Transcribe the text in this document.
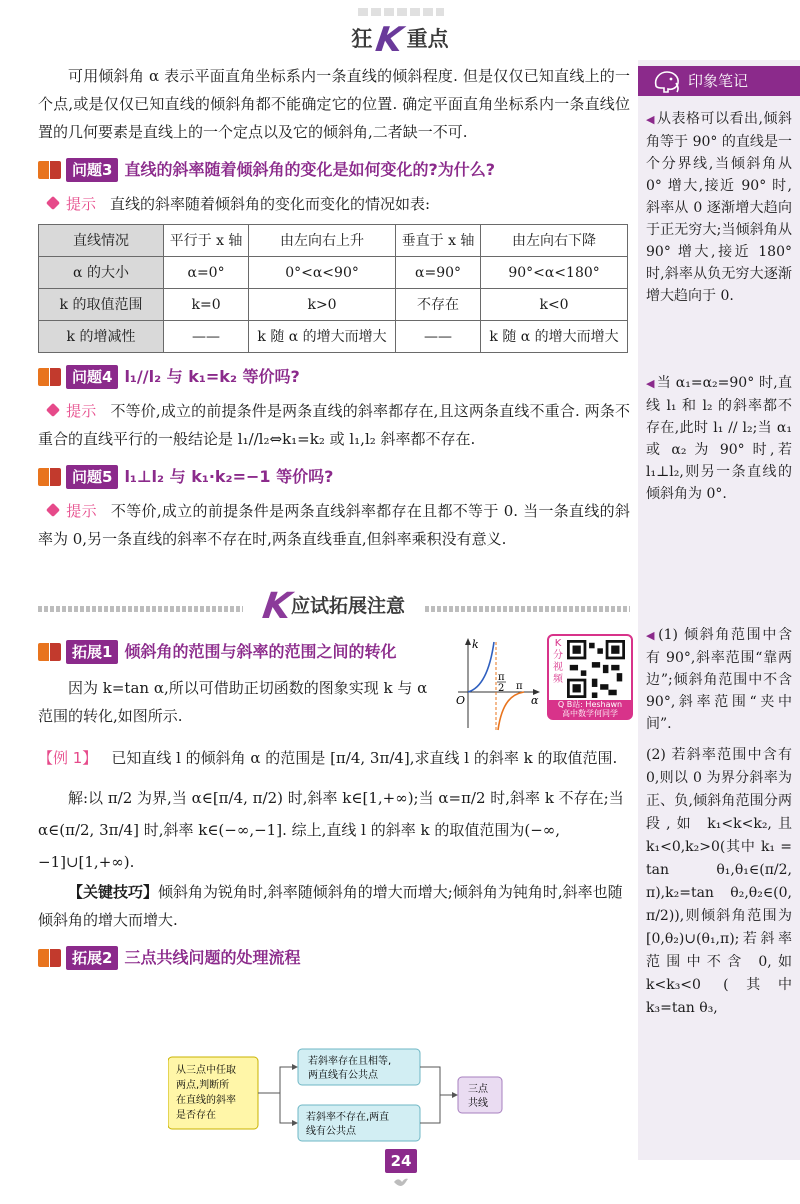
狂K重点

可用倾斜角 α 表示平面直角坐标系内一条直线的倾斜程度. 但是仅仅已知直线上的一个点,或是仅仅已知直线的倾斜角都不能确定它的位置. 确定平面直角坐标系内一条直线位置的几何要素是直线上的一个定点以及它的倾斜角,二者缺一不可.

问题3 直线的斜率随着倾斜角的变化是如何变化的?为什么?

提示 直线的斜率随着倾斜角的变化而变化的情况如表:

直线情况	平行于 x 轴	由左向右上升	垂直于 x 轴	由左向右下降
α 的大小	α=0°	0°<α<90°	α=90°	90°<α<180°
k 的取值范围	k=0	k>0	不存在	k<0
k 的增减性	——	k 随 α 的增大而增大	——	k 随 α 的增大而增大
问题4 l₁//l₂ 与 k₁=k₂ 等价吗?

提示 不等价,成立的前提条件是两条直线的斜率都存在,且这两条直线不重合. 两条不重合的直线平行的一般结论是 l₁//l₂⇔k₁=k₂ 或 l₁,l₂ 斜率都不存在.

问题5 l₁⊥l₂ 与 k₁·k₂=−1 等价吗?

提示 不等价,成立的前提条件是两条直线斜率都存在且都不等于 0. 当一条直线的斜率为 0,另一条直线的斜率不存在时,两条直线垂直,但斜率乘积没有意义.

K应试拓展注意
拓展1 倾斜角的范围与斜率的范围之间的转化

因为 k=tan α,所以可借助正切函数的图象实现 k 与 α 范围的转化,如图所示.

k
α
O
π
2 π
K分视频
Q B站: Heshawn
高中数学何同学

【例 1】 已知直线 l 的倾斜角 α 的范围是 [π/4, 3π/4],求直线 l 的斜率 k 的取值范围.

解:以 π/2 为界,当 α∈[π/4, π/2) 时,斜率 k∈[1,+∞);当 α=π/2 时,斜率 k 不存在;当 α∈(π/2, 3π/4] 时,斜率 k∈(−∞,−1]. 综上,直线 l 的斜率 k 的取值范围为(−∞,−1]∪[1,+∞).

【关键技巧】倾斜角为锐角时,斜率随倾斜角的增大而增大;倾斜角为钝角时,斜率也随倾斜角的增大而增大.

拓展2 三点共线问题的处理流程
从三点中任取
两点,判断所
在直线的斜率
是否存在
若斜率存在且相等,
两直线有公共点
若斜率不存在,两直
线有公共点
三点
共线
印象笔记
◀ 从表格可以看出,倾斜角等于 90° 的直线是一个分界线,当倾斜角从 0° 增大,接近 90° 时,斜率从 0 逐渐增大趋向于正无穷大;当倾斜角从 90° 增大,接近 180° 时,斜率从负无穷大逐渐增大趋向于 0.
◀ 当 α₁=α₂=90° 时,直线 l₁ 和 l₂ 的斜率都不存在,此时 l₁ // l₂;当 α₁ 或 α₂ 为 90° 时,若 l₁⊥l₂,则另一条直线的倾斜角为 0°.
◀ (1) 倾斜角范围中含有 90°,斜率范围“靠两边”;倾斜角范围中不含 90°,斜率范围“夹中间”.
(2) 若斜率范围中含有 0,则以 0 为界分斜率为正、负,倾斜角范围分两段,如 k₁<k<k₂,且 k₁<0,k₂>0(其中 k₁ = tan θ₁,θ₁∈(π/2, π),k₂=tan θ₂,θ₂∈(0, π/2)),则倾斜角范围为 [0,θ₂)∪(θ₁,π);若斜率范围中不含 0,如 k<k₃<0 (其中 k₃=tan θ₃,
24
